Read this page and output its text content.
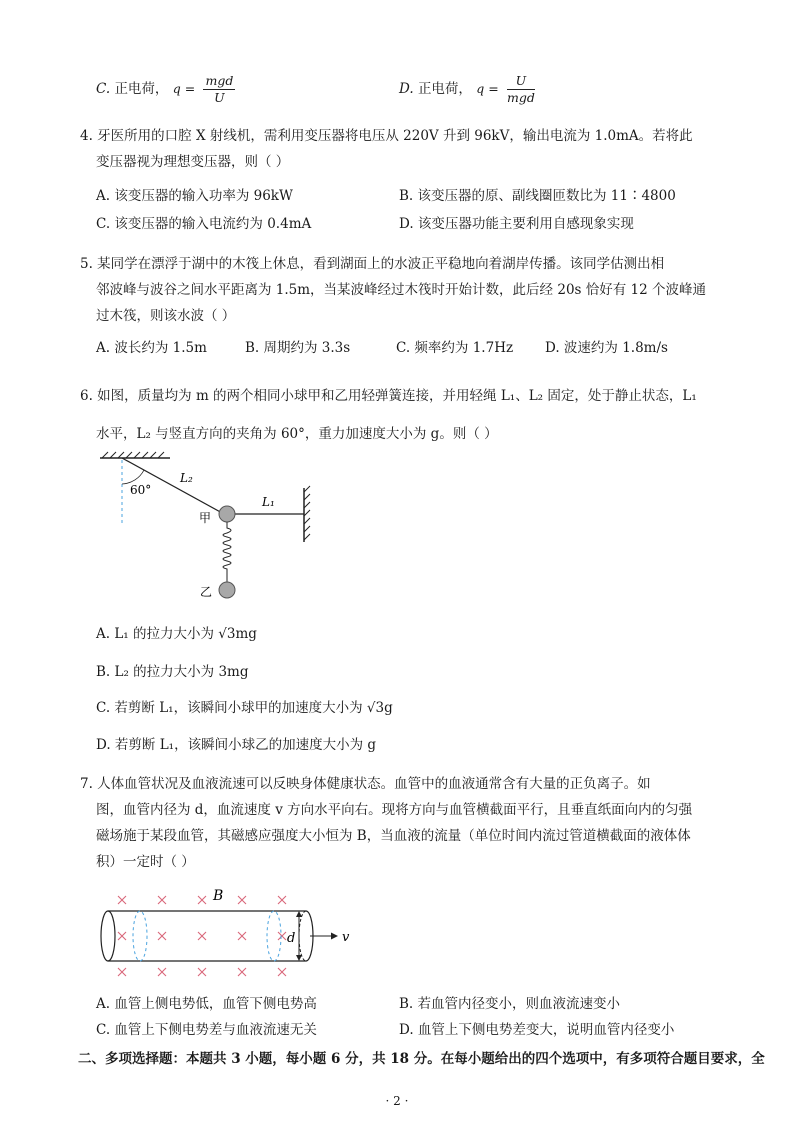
C. 正电荷， $q = \frac{\text{mgd}}{U}$	D. 正电荷， $q = \frac{U}{\text{mgd}}$
4. 牙医所用的口腔 X 射线机，需利用变压器将电压从 220V 升到 96kV，输出电流为 1.0mA。若将此
变压器视为理想变压器，则（ ）
A. 该变压器的输入功率为 96kW	B. 该变压器的原、副线圈匝数比为 11∶4800
C. 该变压器的输入电流约为 0.4mA	D. 该变压器功能主要利用自感现象实现
5. 某同学在漂浮于湖中的木筏上休息，看到湖面上的水波正平稳地向着湖岸传播。该同学估测出相
邻波峰与波谷之间水平距离为 1.5m，当某波峰经过木筏时开始计数，此后经 20s 恰好有 12 个波峰通
过木筏，则该水波（ ）
A. 波长约为 1.5m	B. 周期约为 3.3s	C. 频率约为 1.7Hz D. 波速约为 1.8m/s
6. 如图，质量均为 m 的两个相同小球甲和乙用轻弹簧连接，并用轻绳 L₁、L₂ 固定，处于静止状态，L₁
水平，L₂ 与竖直方向的夹角为 60°，重力加速度大小为 g。则（ ）
60°
L₂
L₁
甲
乙
A. L₁ 的拉力大小为 √3mg
B. L₂ 的拉力大小为 3mg
C. 若剪断 L₁，该瞬间小球甲的加速度大小为 √3g
D. 若剪断 L₁，该瞬间小球乙的加速度大小为 g
7. 人体血管状况及血液流速可以反映身体健康状态。血管中的血液通常含有大量的正负离子。如
图，血管内径为 d，血流速度 v 方向水平向右。现将方向与血管横截面平行，且垂直纸面向内的匀强
磁场施于某段血管，其磁感应强度大小恒为 B，当血液的流量（单位时间内流过管道横截面的液体体
积）一定时（ ）
B
d	v
A. 血管上侧电势低，血管下侧电势高	B. 若血管内径变小，则血液流速变小
C. 血管上下侧电势差与血液流速无关	D. 血管上下侧电势差变大，说明血管内径变小
二、多项选择题：本题共 3 小题，每小题 6 分，共 18 分。在每小题给出的四个选项中，有多项符合题目要求，全
· 2 ·
